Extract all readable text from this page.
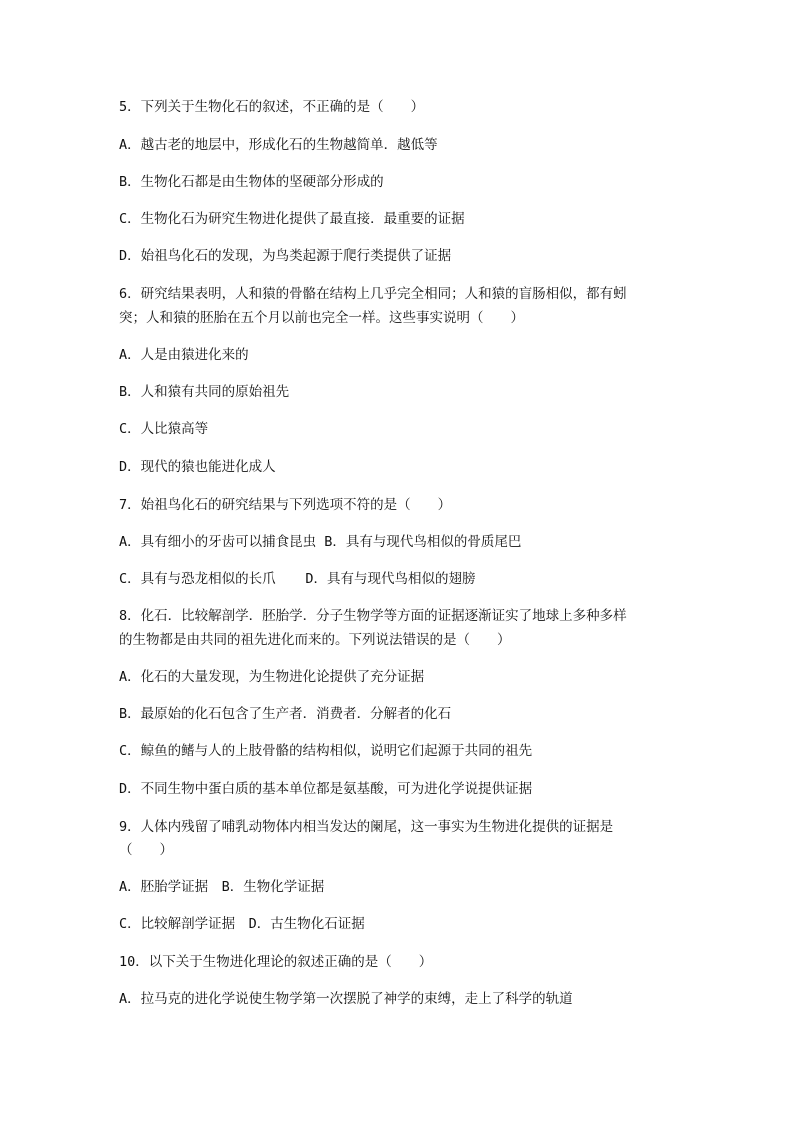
5．下列关于生物化石的叙述，不正确的是（　　）
A．越古老的地层中，形成化石的生物越简单．越低等
B．生物化石都是由生物体的坚硬部分形成的
C．生物化石为研究生物进化提供了最直接．最重要的证据
D．始祖鸟化石的发现，为鸟类起源于爬行类提供了证据
6．研究结果表明，人和猿的骨骼在结构上几乎完全相同；人和猿的盲肠相似，都有蚓
突；人和猿的胚胎在五个月以前也完全一样。这些事实说明（　　）
A．人是由猿进化来的
B．人和猿有共同的原始祖先
C．人比猿高等
D．现代的猿也能进化成人
7．始祖鸟化石的研究结果与下列选项不符的是（　　）
A．具有细小的牙齿可以捕食昆虫 B．具有与现代鸟相似的骨质尾巴
C．具有与恐龙相似的长爪　  D．具有与现代鸟相似的翅膀
8．化石．比较解剖学．胚胎学．分子生物学等方面的证据逐渐证实了地球上多种多样
的生物都是由共同的祖先进化而来的。下列说法错误的是（　　）
A．化石的大量发现，为生物进化论提供了充分证据
B．最原始的化石包含了生产者．消费者．分解者的化石
C．鲸鱼的鳍与人的上肢骨骼的结构相似，说明它们起源于共同的祖先
D．不同生物中蛋白质的基本单位都是氨基酸，可为进化学说提供证据
9．人体内残留了哺乳动物体内相当发达的阑尾，这一事实为生物进化提供的证据是
（　　）
A．胚胎学证据　B．生物化学证据
C．比较解剖学证据　D．古生物化石证据
10．以下关于生物进化理论的叙述正确的是（　　）
A．拉马克的进化学说使生物学第一次摆脱了神学的束缚，走上了科学的轨道
